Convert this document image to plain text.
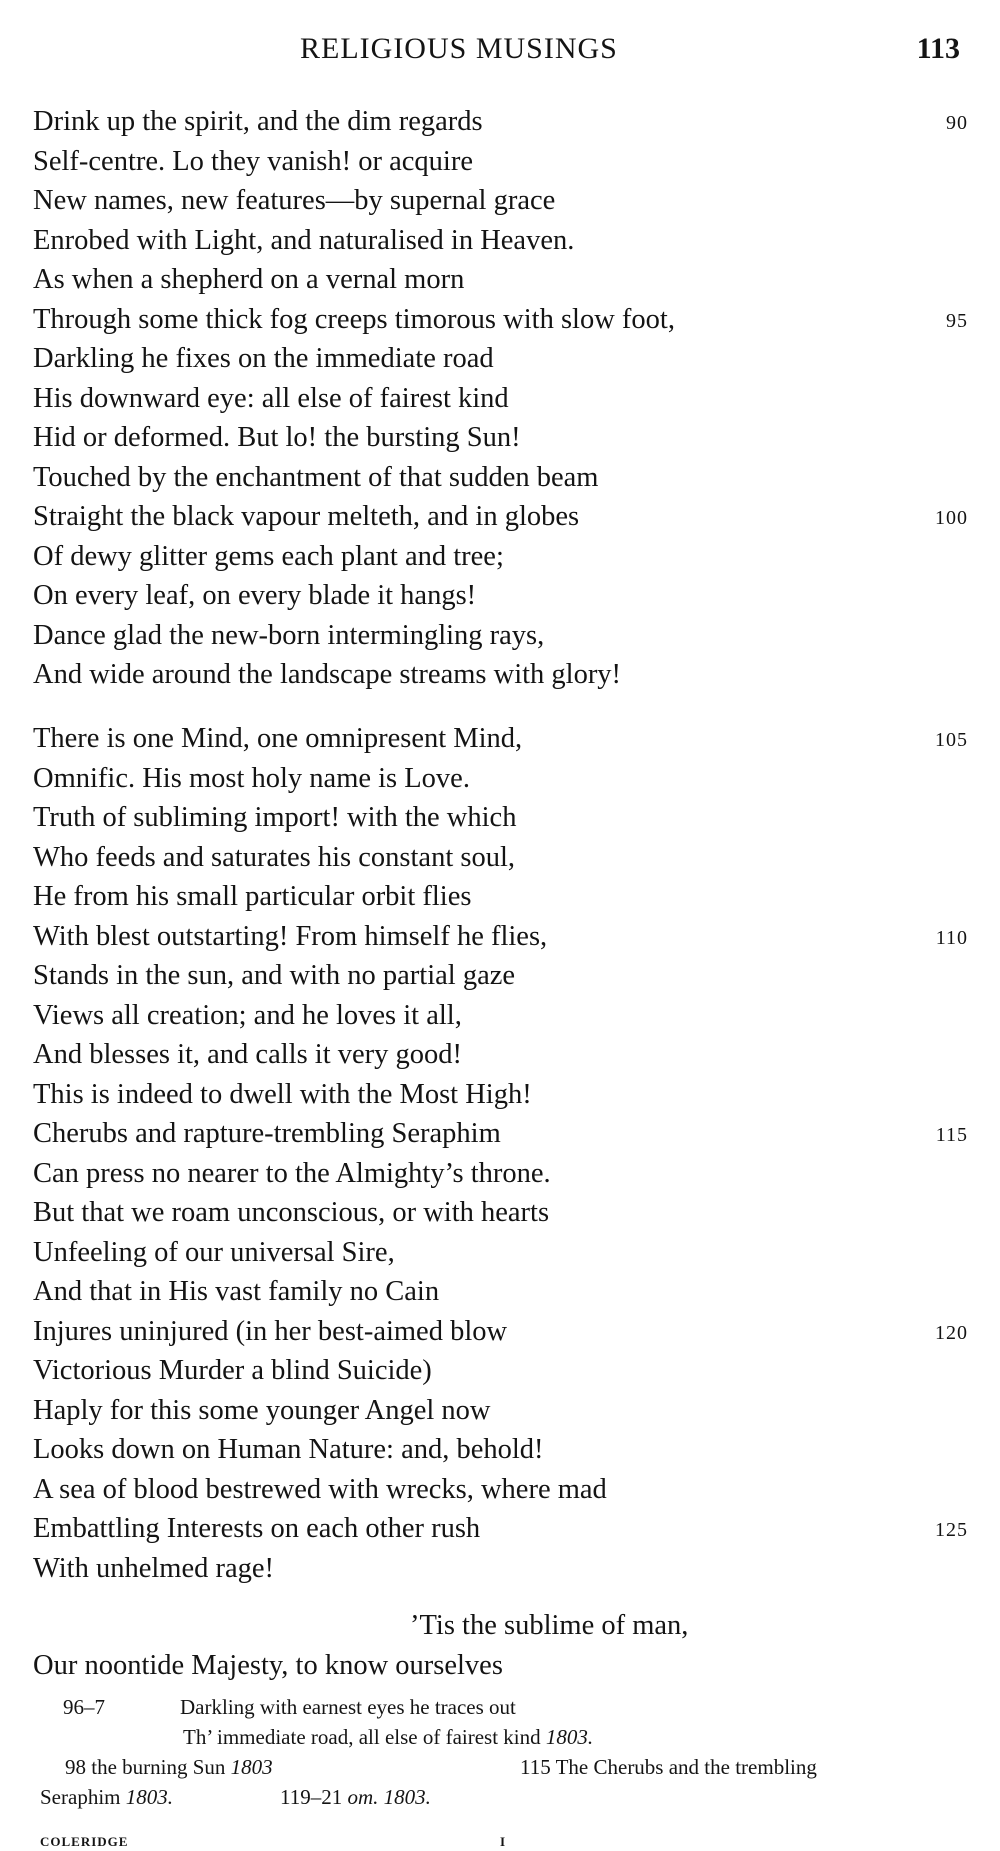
RELIGIOUS MUSINGS	113
Drink up the spirit, and the dim regards	90
Self-centre. Lo they vanish! or acquire
New names, new features—by supernal grace
Enrobed with Light, and naturalised in Heaven.
As when a shepherd on a vernal morn
Through some thick fog creeps timorous with slow foot,	95
Darkling he fixes on the immediate road
His downward eye: all else of fairest kind
Hid or deformed. But lo! the bursting Sun!
Touched by the enchantment of that sudden beam
Straight the black vapour melteth, and in globes	100
Of dewy glitter gems each plant and tree;
On every leaf, on every blade it hangs!
Dance glad the new-born intermingling rays,
And wide around the landscape streams with glory!
There is one Mind, one omnipresent Mind,	105
Omnific. His most holy name is Love.
Truth of subliming import! with the which
Who feeds and saturates his constant soul,
He from his small particular orbit flies
With blest outstarting! From himself he flies,	110
Stands in the sun, and with no partial gaze
Views all creation; and he loves it all,
And blesses it, and calls it very good!
This is indeed to dwell with the Most High!
Cherubs and rapture-trembling Seraphim	115
Can press no nearer to the Almighty’s throne.
But that we roam unconscious, or with hearts
Unfeeling of our universal Sire,
And that in His vast family no Cain
Injures uninjured (in her best-aimed blow	120
Victorious Murder a blind Suicide)
Haply for this some younger Angel now
Looks down on Human Nature: and, behold!
A sea of blood bestrewed with wrecks, where mad
Embattling Interests on each other rush	125
With unhelmed rage!
’Tis the sublime of man,
Our noontide Majesty, to know ourselves
96–7	Darkling with earnest eyes he traces out
Th’ immediate road, all else of fairest kind 1803.
98 the burning Sun 1803	115 The Cherubs and the trembling
Seraphim 1803.	119–21 om. 1803.
COLERIDGE	I
